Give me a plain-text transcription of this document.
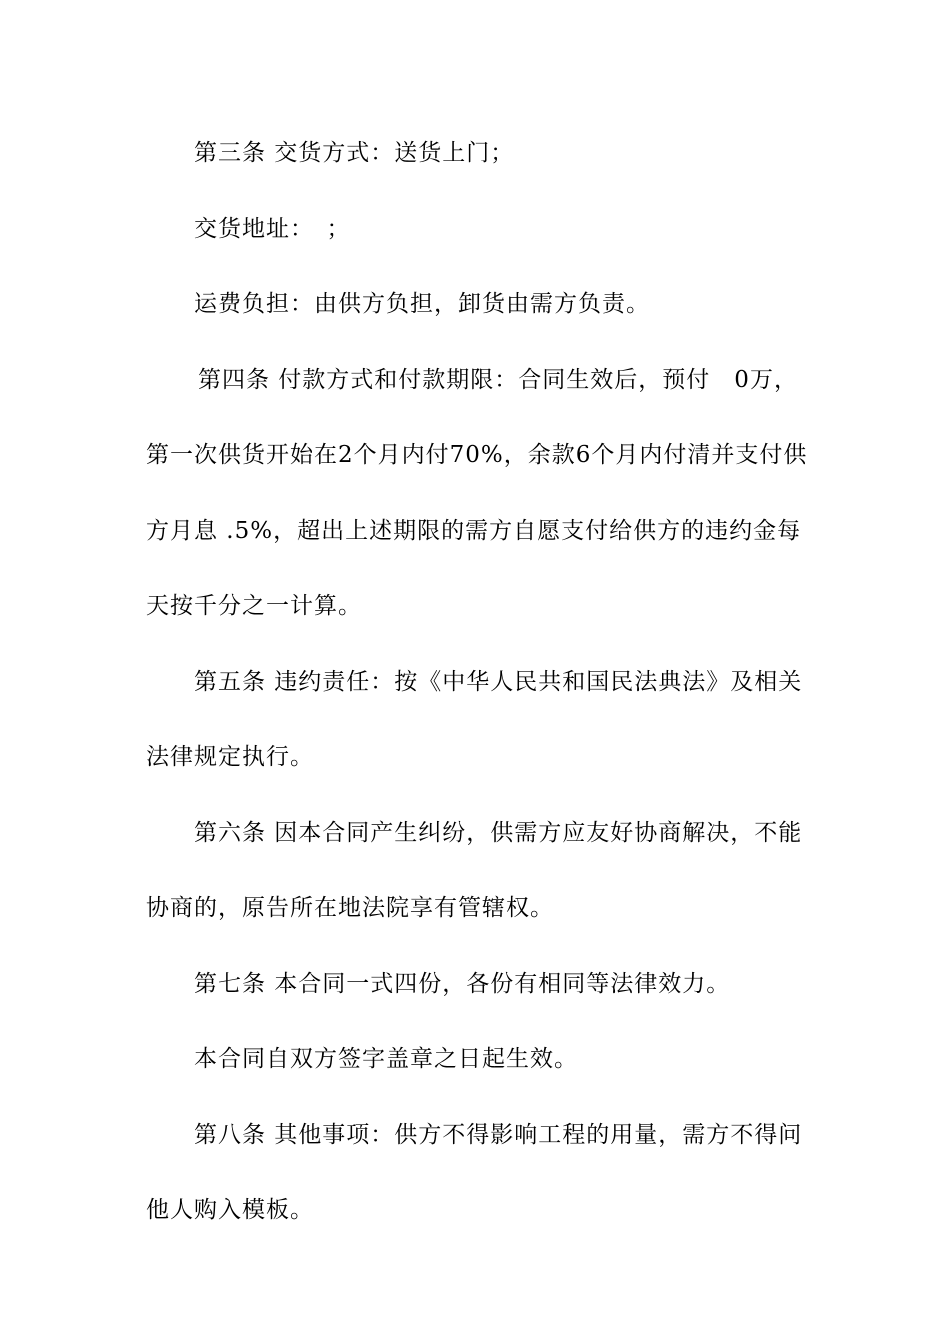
第三条 交货方式：送货上门；
交货地址：　；
运费负担：由供方负担，卸货由需方负责。
第四条 付款方式和付款期限：合同生效后，预付　0万，
第一次供货开始在2个月内付70%，余款6个月内付清并支付供
方月息 .5%，超出上述期限的需方自愿支付给供方的违约金每
天按千分之一计算。
第五条 违约责任：按《中华人民共和国民法典法》及相关
法律规定执行。
第六条 因本合同产生纠纷，供需方应友好协商解决，不能
协商的，原告所在地法院享有管辖权。
第七条 本合同一式四份，各份有相同等法律效力。
本合同自双方签字盖章之日起生效。
第八条 其他事项：供方不得影响工程的用量，需方不得问
他人购入模板。
